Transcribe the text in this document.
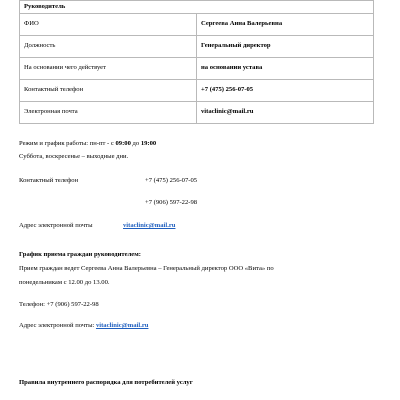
Руководитель	
ФИО	Сергеева Анна Валерьевна
Должность	Генеральный директор
На основании чего действует	на основании устава
Контактный телефон	+7 (475) 256-07-05
Электронная почта	vitaclinic@mail.ru
Режим и график работы: пн-пт - с 09:00 до 19:00
Суббота, воскресенье – выходные дни.
Контактный телефон	+7 (475) 256-07-05
+7 (906) 597-22-98
Адрес электронной почты	vitaclinic@mail.ru
График приема граждан руководителем:
Прием граждан ведет Сергеева Анна Валерьевна – Генеральный директор ООО «Вита» по
понедельникам с 12.00 до 13.00.
Телефон: +7 (906) 597-22-98
Адрес электронной почты: vitaclinic@mail.ru
Правила внутреннего распорядка для потребителей услуг
